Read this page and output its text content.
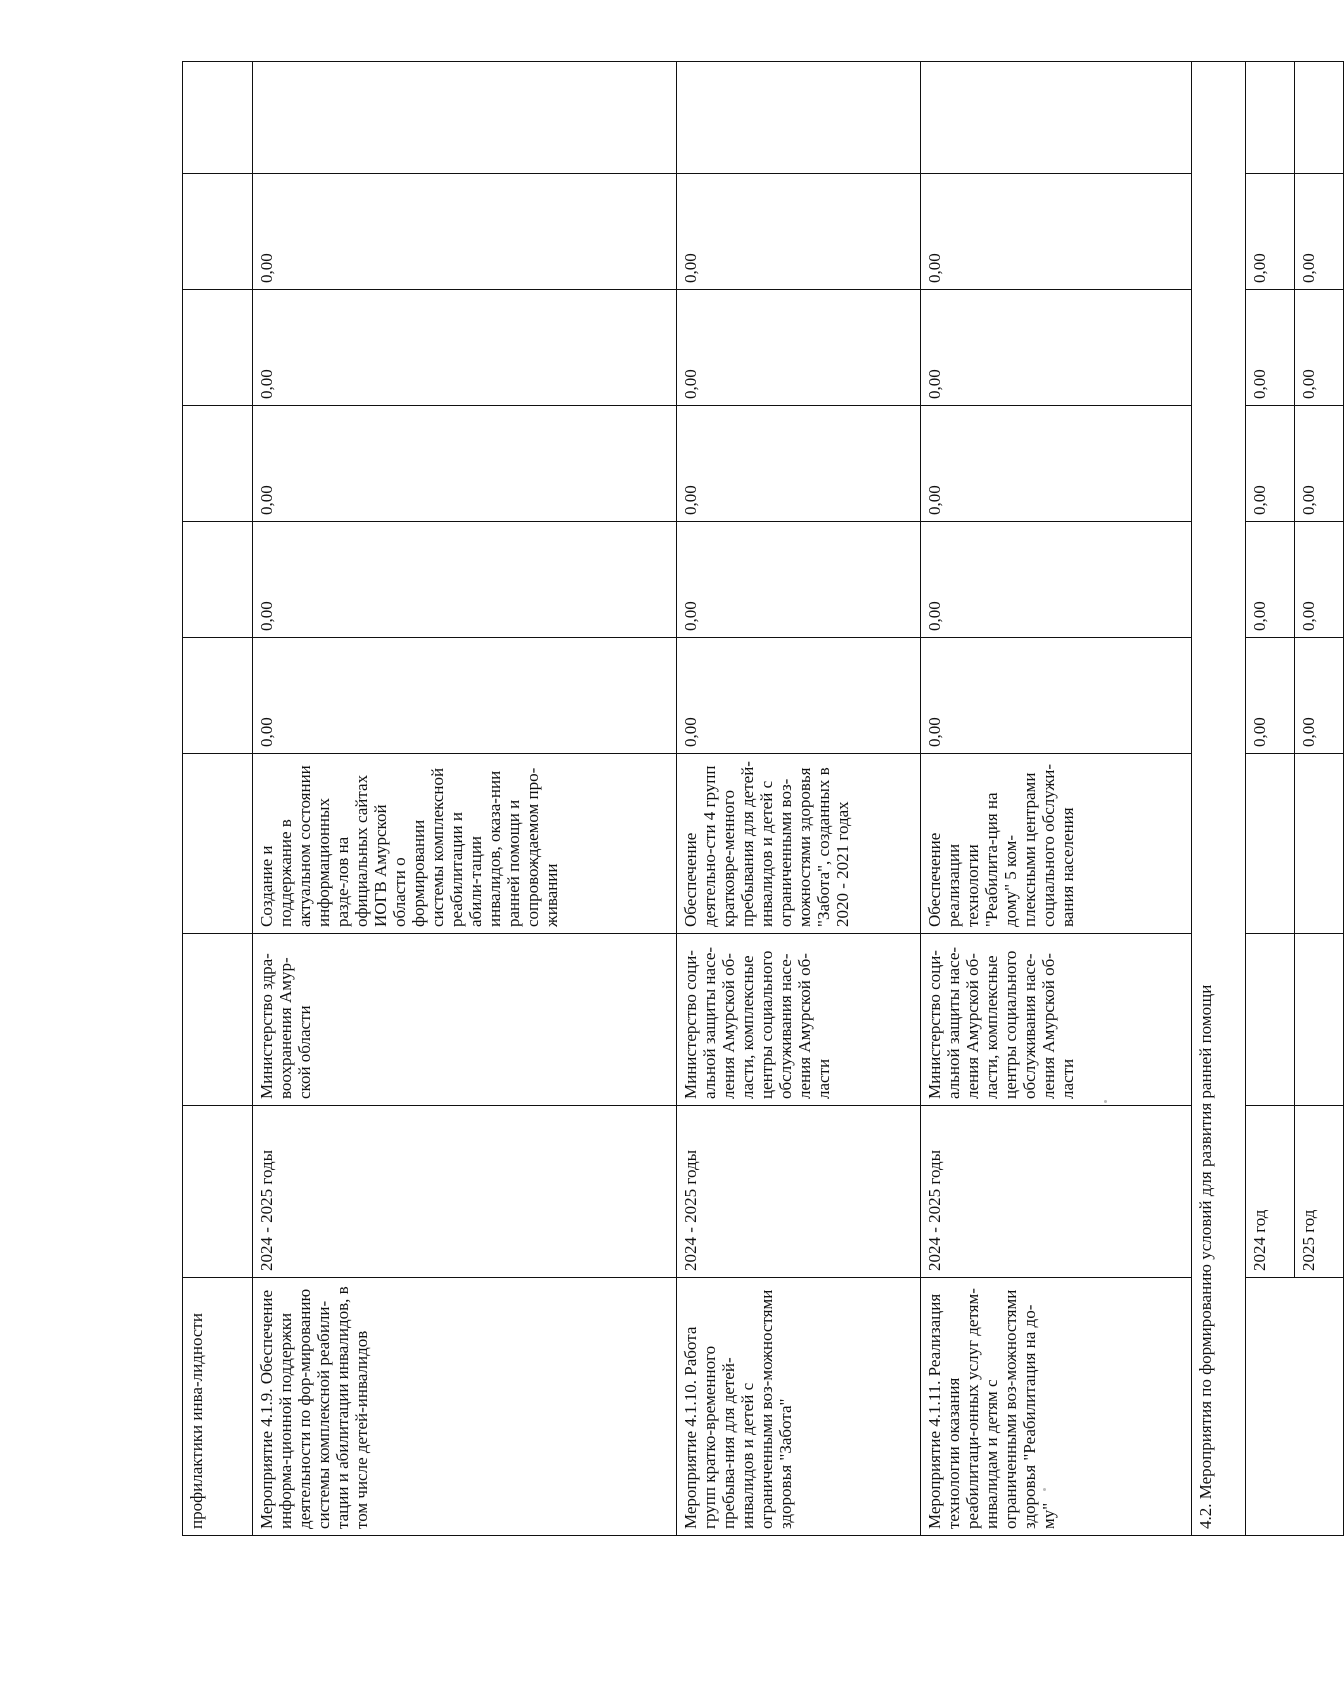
профилактики инва-лидности									
Мероприятие 4.1.9. Обеспечение информа-ционной поддержки деятельности по фор-мированию системы комплексной реабили-тации и абилитации инвалидов, в том числе детей-инвалидов	2024 - 2025 годы	Министерство здра-воохранения Амур-ской области	Создание и поддержание в актуальном состоянии информационных разде-лов на официальных сайтах ИОГВ Амурской области о формировании системы комплексной реабилитации и абили-тации инвалидов, оказа-нии ранней помощи и сопровождаемом про-живании	0,00	0,00	0,00	0,00	0,00	
Мероприятие 4.1.10. Работа групп кратко-временного пребыва-ния для детей-инвалидов и детей с ограниченными воз-можностями здоровья "Забота"	2024 - 2025 годы	Министерство соци-альной защиты насе-ления Амурской об-ласти, комплексные центры социального обслуживания насе-ления Амурской об-ласти	Обеспечение деятельно-сти 4 групп кратковре-менного пребывания для детей-инвалидов и детей с ограниченными воз-можностями здоровья "Забота", созданных в 2020 - 2021 годах	0,00	0,00	0,00	0,00	0,00	
Мероприятие 4.1.11. Реализация технологии оказания реабилитаци-онных услуг детям-инвалидам и детям с ограниченными воз-можностями здоровья "Реабилитация на до-му"	2024 - 2025 годы	Министерство соци-альной защиты насе-ления Амурской об-ласти, комплексные центры социального обслуживания насе-ления Амурской об-ласти	Обеспечение реализации технологии "Реабилита-ция на дому" 5 ком-плексными центрами социального обслужи-вания населения	0,00	0,00	0,00	0,00	0,00	
4.2. Мероприятия по формированию условий для развития ранней помощи									
	2024 год			0,00	0,00	0,00	0,00	0,00	
	2025 год			0,00	0,00	0,00	0,00	0,00	
